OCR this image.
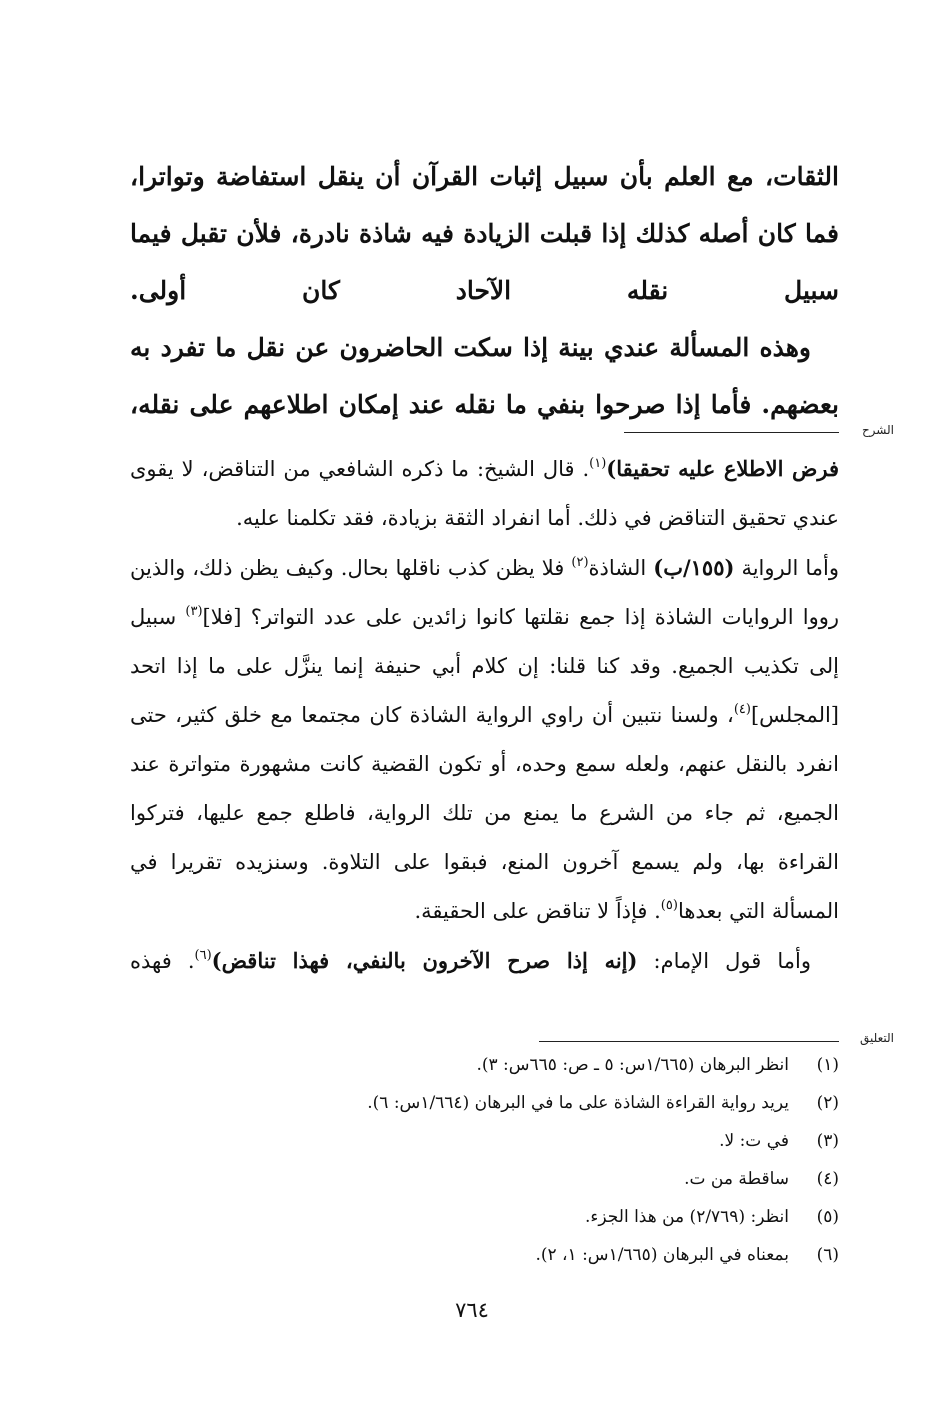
الثقات، مع العلم بأن سبيل إثبات القرآن أن ينقل استفاضة وتواترا، فما كان أصله كذلك إذا قبلت الزيادة فيه شاذة نادرة، فلأن تقبل فيما سبيل نقله الآحاد كان أولى.

وهذه المسألة عندي بينة إذا سكت الحاضرون عن نقل ما تفرد به بعضهم. فأما إذا صرحوا بنفي ما نقله عند إمكان اطلاعهم على نقله،

الشرح

فرض الاطلاع عليه تحقيقا)$^{(١)}$. قال الشيخ: ما ذكره الشافعي من التناقض، لا يقوى عندي تحقيق التناقض في ذلك. أما انفراد الثقة بزيادة، فقد تكلمنا عليه.

وأما الرواية (١٥٥/ب) الشاذة$^{(٢)}$ فلا يظن كذب ناقلها بحال. وكيف يظن ذلك، والذين رووا الروايات الشاذة إذا جمع نقلتها كانوا زائدين على عدد التواتر؟ [فلا]$^{(٣)}$ سبيل إلى تكذيب الجميع. وقد كنا قلنا: إن كلام أبي حنيفة إنما ينزَّل على ما إذا اتحد [المجلس]$^{(٤)}$، ولسنا نتبين أن راوي الرواية الشاذة كان مجتمعا مع خلق كثير، حتى انفرد بالنقل عنهم، ولعله سمع وحده، أو تكون القضية كانت مشهورة متواترة عند الجميع، ثم جاء من الشرع ما يمنع من تلك الرواية، فاطلع جمع عليها، فتركوا القراءة بها، ولم يسمع آخرون المنع، فبقوا على التلاوة. وسنزيده تقريرا في المسألة التي بعدها$^{(٥)}$. فإذاً لا تناقض على الحقيقة.

وأما قول الإمام: (إنه إذا صرح الآخرون بالنفي، فهذا تناقض)$^{(٦)}$. فهذه

التعليق
(١)
انظر البرهان (١/٦٦٥س: ٥ ـ ص: ٦٦٥س: ٣).
(٢)
يريد رواية القراءة الشاذة على ما في البرهان (١/٦٦٤س: ٦).
(٣)
في ت: لا.
(٤)
ساقطة من ت.
(٥)
انظر: (٢/٧٦٩) من هذا الجزء.
(٦)
بمعناه في البرهان (١/٦٦٥س: ١، ٢).
٧٦٤
